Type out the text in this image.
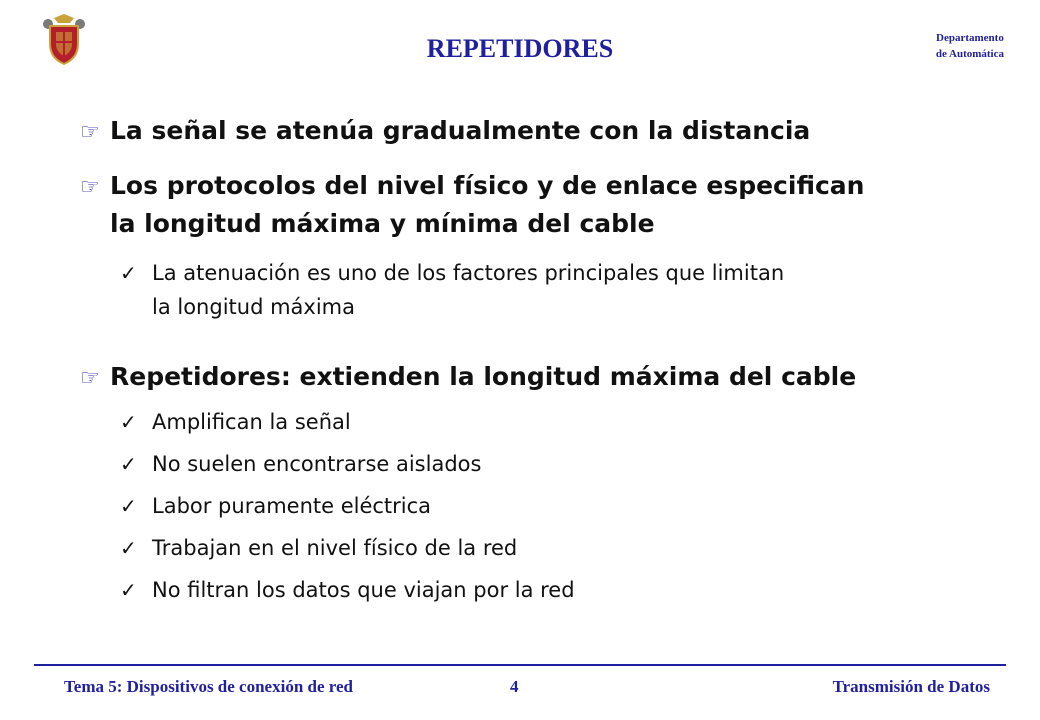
REPETIDORES	Departamento
de Automática
☞ La señal se atenúa gradualmente con la distancia
☞ Los protocolos del nivel físico y de enlace especifican
la longitud máxima y mínima del cable
✓ La atenuación es uno de los factores principales que limitan
la longitud máxima
☞ Repetidores: extienden la longitud máxima del cable
✓ Amplifican la señal
✓ No suelen encontrarse aislados
✓ Labor puramente eléctrica
✓ Trabajan en el nivel físico de la red
✓ No filtran los datos que viajan por la red
Tema 5: Dispositivos de conexión de red	4	Transmisión de Datos
